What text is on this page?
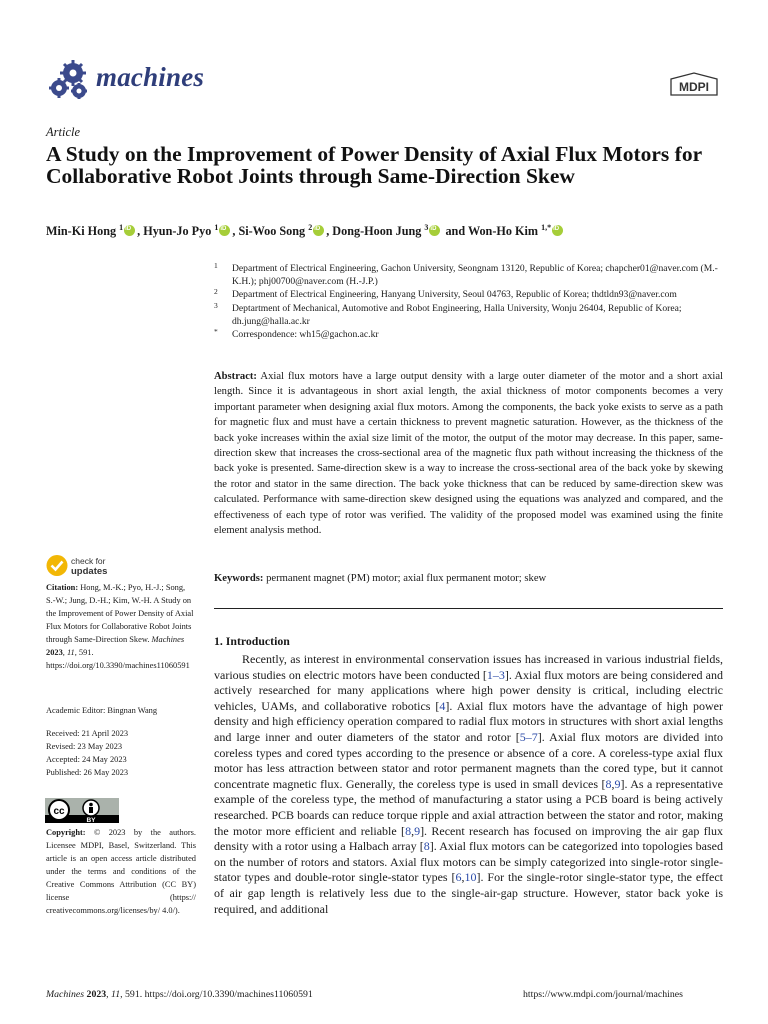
machines	MDPI
Article
A Study on the Improvement of Power Density of Axial Flux Motors for Collaborative Robot Joints through Same-Direction Skew
Min-Ki Hong $^1$ iD , Hyun-Jo Pyo $^1$ iD , Si-Woo Song $^2$ iD , Dong-Hoon Jung $^3$iD and Won-Ho Kim $^{1,*}$iD
1 Department of Electrical Engineering, Gachon University, Seongnam 13120, Republic of Korea; chapcher01@naver.com (M.-K.H.); phj00700@naver.com (H.-J.P.)
2 Department of Electrical Engineering, Hanyang University, Seoul 04763, Republic of Korea; thdtldn93@naver.com
3 Deptartment of Mechanical, Automotive and Robot Engineering, Halla University, Wonju 26404, Republic of Korea; dh.jung@halla.ac.kr
* Correspondence: wh15@gachon.ac.kr
Abstract: Axial flux motors have a large output density with a large outer diameter of the motor and a short axial length. Since it is advantageous in short axial length, the axial thickness of motor components becomes a very important parameter when designing axial flux motors. Among the components, the back yoke exists to serve as a path for magnetic flux and must have a certain thickness to prevent magnetic saturation. However, as the thickness of the back yoke increases within the axial size limit of the motor, the output of the motor may decrease. In this paper, same-direction skew that increases the cross-sectional area of the magnetic flux path without increasing the thickness of the back yoke is presented. Same-direction skew is a way to increase the cross-sectional area of the back yoke by skewing the rotor and stator in the same direction. The back yoke thickness that can be reduced by same-direction skew was calculated. Performance with same-direction skew designed using the equations was analyzed and compared, and the effectiveness of each type of rotor was verified. The validity of the proposed model was examined using the finite element analysis method.
Keywords: permanent magnet (PM) motor; axial flux permanent motor; skew
1. Introduction
Recently, as interest in environmental conservation issues has increased in various industrial fields, various studies on electric motors have been conducted [1–3]. Axial flux motors are being considered and actively researched for many applications where high power density is critical, including electric vehicles, UAMs, and collaborative robotics [4]. Axial flux motors have the advantage of high power density and high efficiency operation compared to radial flux motors in structures with short axial lengths and large inner and outer diameters of the stator and rotor [5–7]. Axial flux motors are divided into coreless types and cored types according to the presence or absence of a core. A coreless-type axial flux motor has less attraction between stator and rotor permanent magnets than the cored type, but it cannot concentrate magnetic flux. Generally, the coreless type is used in small devices [8,9]. As a representative example of the coreless type, the method of manufacturing a stator using a PCB board is being actively researched. PCB boards can reduce torque ripple and axial attraction between the stator and rotor, making the motor more efficient and reliable [8,9]. Recent research has focused on improving the air gap flux density with a rotor using a Halbach array [8]. Axial flux motors can be categorized into topologies based on the number of rotors and stators. Axial flux motors can be simply categorized into single-rotor single-stator types and double-rotor single-stator types [6,10]. For the single-rotor single-stator type, the effect of air gap length is relatively less due to the single-air-gap structure. However, stator back yoke is required, and additional
check for
updates
Citation: Hong, M.-K.; Pyo, H.-J.; Song, S.-W.; Jung, D.-H.; Kim, W.-H. A Study on the Improvement of Power Density of Axial Flux Motors for Collaborative Robot Joints through Same-Direction Skew. Machines 2023, 11, 591. https://doi.org/10.3390/machines11060591
Academic Editor: Bingnan Wang
Received: 21 April 2023
Revised: 23 May 2023
Accepted: 24 May 2023
Published: 26 May 2023
cc
BY
Copyright: © 2023 by the authors. Licensee MDPI, Basel, Switzerland. This article is an open access article distributed under the terms and conditions of the Creative Commons Attribution (CC BY) license (https:// creativecommons.org/licenses/by/ 4.0/).
Machines 2023, 11, 591. https://doi.org/10.3390/machines11060591	https://www.mdpi.com/journal/machines
